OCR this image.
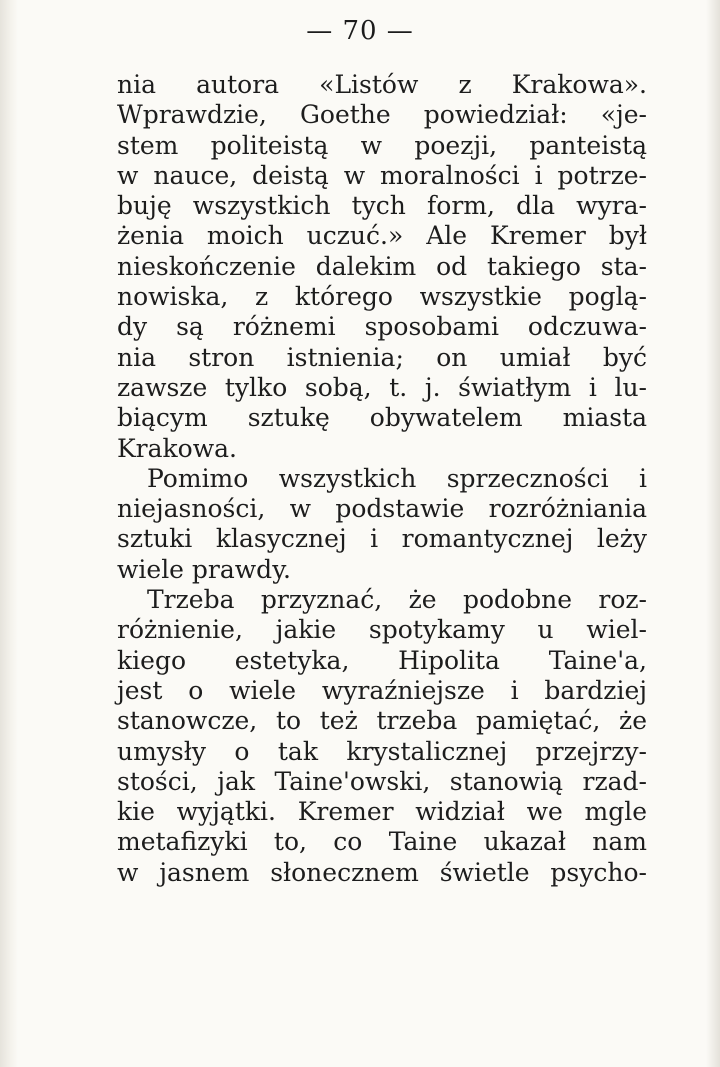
— 70 —
nia autora «Listów z Krakowa».
Wprawdzie, Goethe powiedział: «je-
stem politeistą w poezji, panteistą
w nauce, deistą w moralności i potrze-
buję wszystkich tych form, dla wyra-
żenia moich uczuć.» Ale Kremer był
nieskończenie dalekim od takiego sta-
nowiska, z którego wszystkie poglą-
dy są różnemi sposobami odczuwa-
nia stron istnienia; on umiał być
zawsze tylko sobą, t. j. światłym i lu-
biącym sztukę obywatelem miasta
Krakowa.
Pomimo wszystkich sprzeczności i
niejasności, w podstawie rozróżniania
sztuki klasycznej i romantycznej leży
wiele prawdy.
Trzeba przyznać, że podobne roz-
różnienie, jakie spotykamy u wiel-
kiego estetyka, Hipolita Taine'a,
jest o wiele wyraźniejsze i bardziej
stanowcze, to też trzeba pamiętać, że
umysły o tak krystalicznej przejrzy-
stości, jak Taine'owski, stanowią rzad-
kie wyjątki. Kremer widział we mgle
metafizyki to, co Taine ukazał nam
w jasnem słonecznem świetle psycho-
